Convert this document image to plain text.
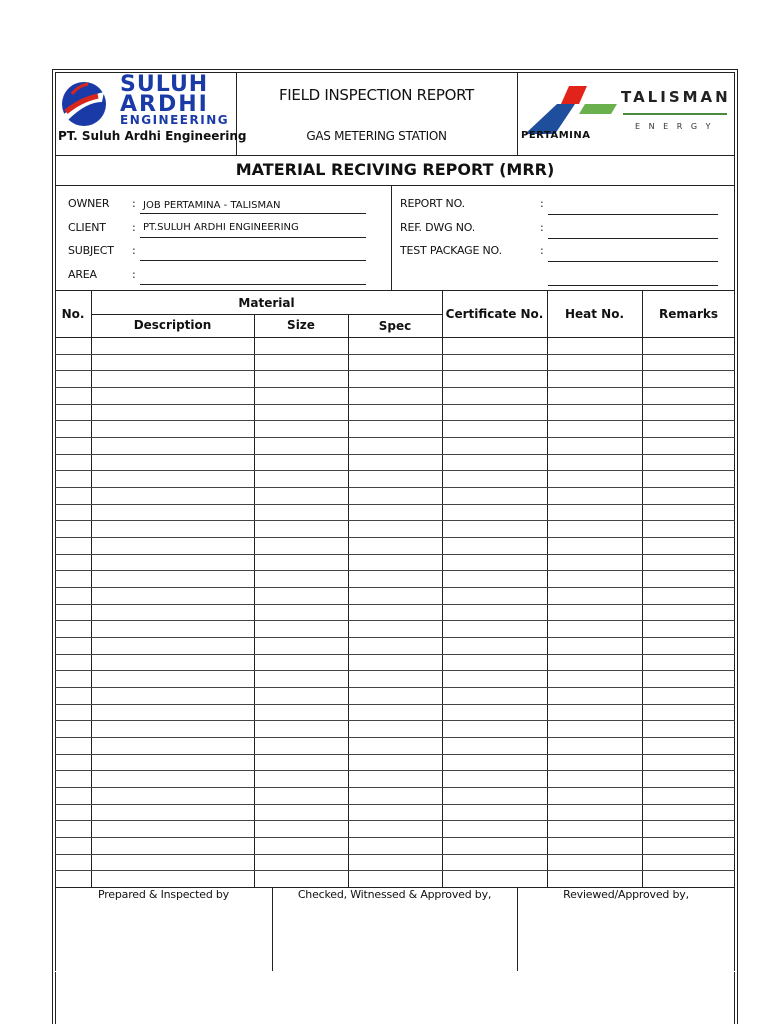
SULUH
ARDHI
ENGINEERING
PT. Suluh Ardhi Engineering
FIELD INSPECTION REPORT
GAS METERING STATION	PERTAMINA
TALISMAN
E N E R G Y
MATERIAL RECIVING REPORT (MRR)
OWNER : JOB PERTAMINA - TALISMAN
CLIENT : PT.SULUH ARDHI ENGINEERING
SUBJECT :
AREA	:
REPORT NO.	:
REF. DWG NO.	:
TEST PACKAGE NO.	:
No.
Material
Description	Size	Spec
Certificate No.	Heat No.	Remarks
Prepared & Inspected by	Checked, Witnessed & Approved by,	Reviewed/Approved by,
